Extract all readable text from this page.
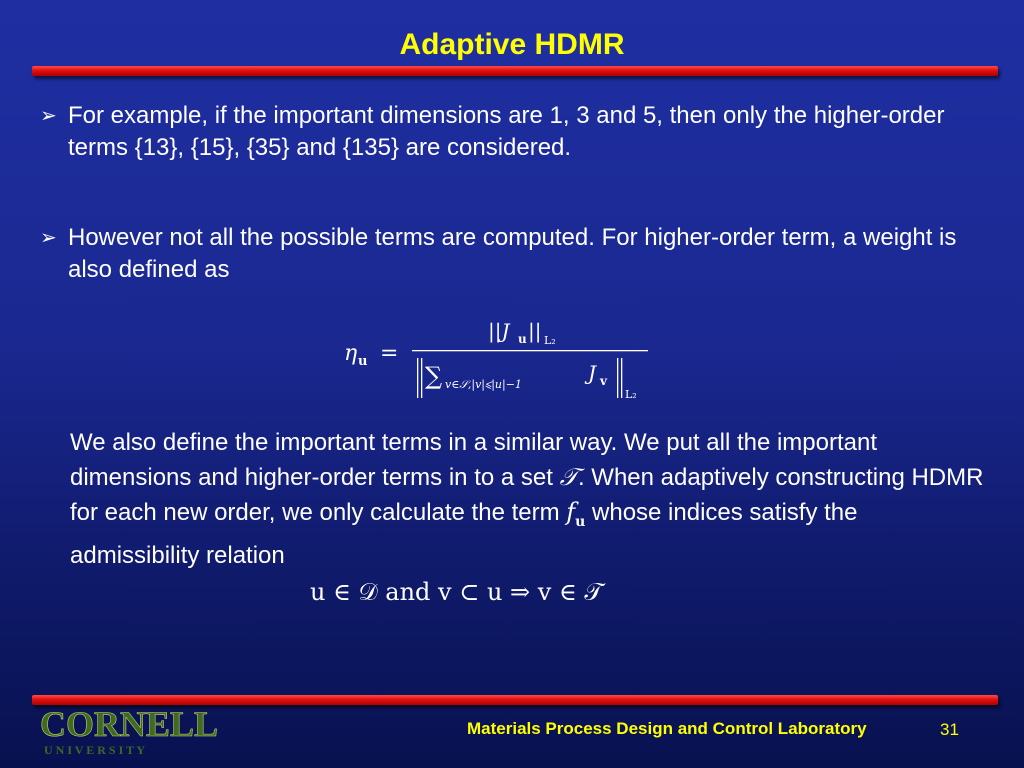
Adaptive HDMR
➢ For example, if the important dimensions are 1, 3 and 5, then only the higher-order terms {13}, {15}, {35} and {135} are considered.
➢ However not all the possible terms are computed. For higher-order term, a weight is also defined as
η u =
||J u || L₂
∑ v∈𝒮,|v|⩽|u|−1	J v
L₂
We also define the important terms in a similar way. We put all the important dimensions and higher-order terms in to a set 𝒯. When adaptively constructing HDMR for each new order, we only calculate the term $f_u$ whose indices satisfy the admissibility relation
u ∈ 𝒟 and v ⊂ u ⇒ v ∈ 𝒯
CORNELL
U N I V E R S I T Y
Materials Process Design and Control Laboratory	31
